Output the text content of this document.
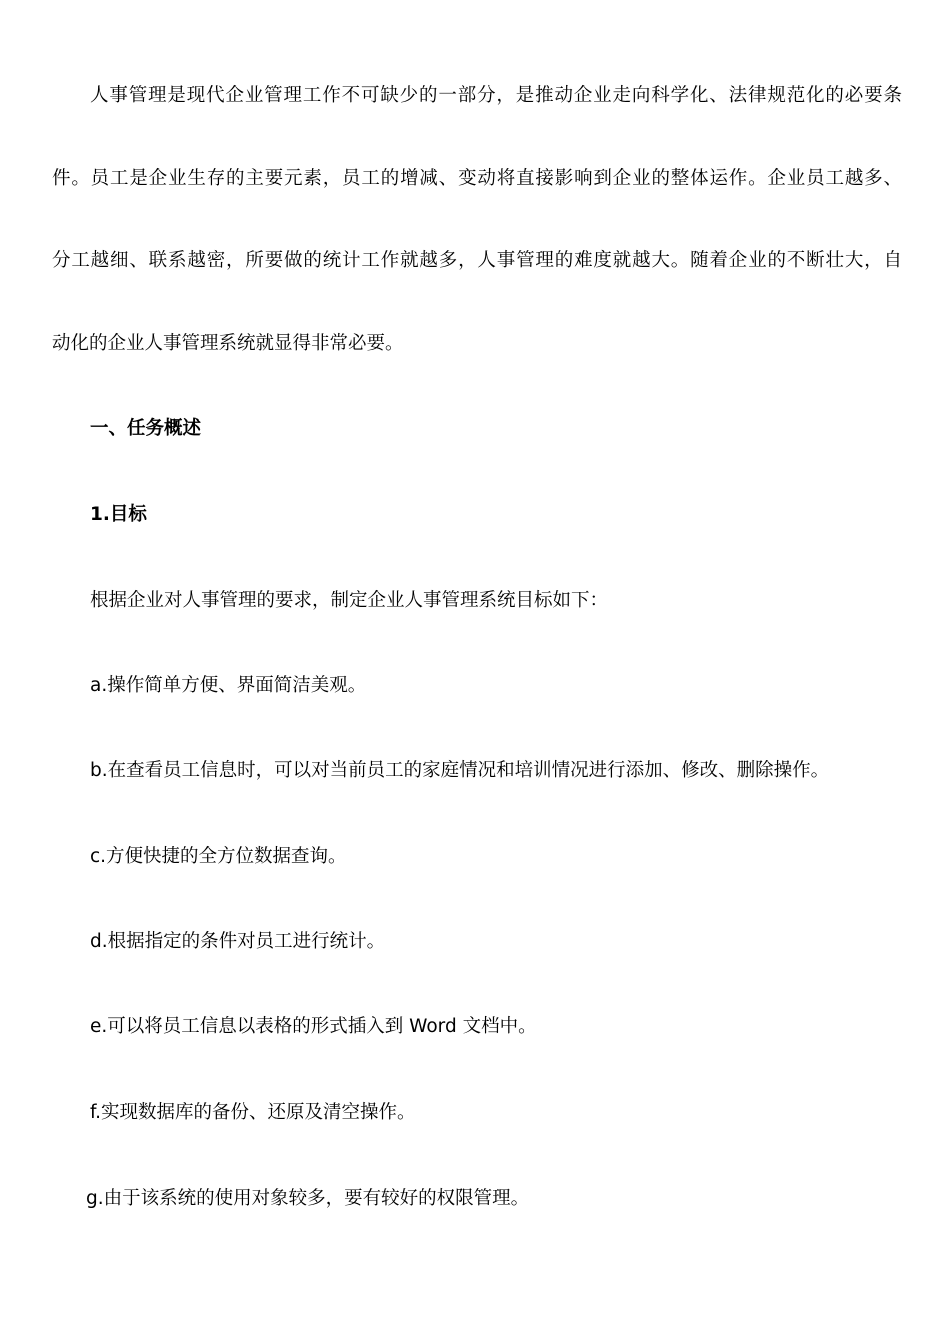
人事管理是现代企业管理工作不可缺少的一部分，是推动企业走向科学化、法律规范化的必要条
件。员工是企业生存的主要元素，员工的增减、变动将直接影响到企业的整体运作。企业员工越多、
分工越细、联系越密，所要做的统计工作就越多，人事管理的难度就越大。随着企业的不断壮大，自
动化的企业人事管理系统就显得非常必要。
一、任务概述
1.目标
根据企业对人事管理的要求，制定企业人事管理系统目标如下：
a.操作简单方便、界面简洁美观。
b.在查看员工信息时，可以对当前员工的家庭情况和培训情况进行添加、修改、删除操作。
c.方便快捷的全方位数据查询。
d.根据指定的条件对员工进行统计。
e.可以将员工信息以表格的形式插入到 Word 文档中。
f.实现数据库的备份、还原及清空操作。
g.由于该系统的使用对象较多，要有较好的权限管理。
